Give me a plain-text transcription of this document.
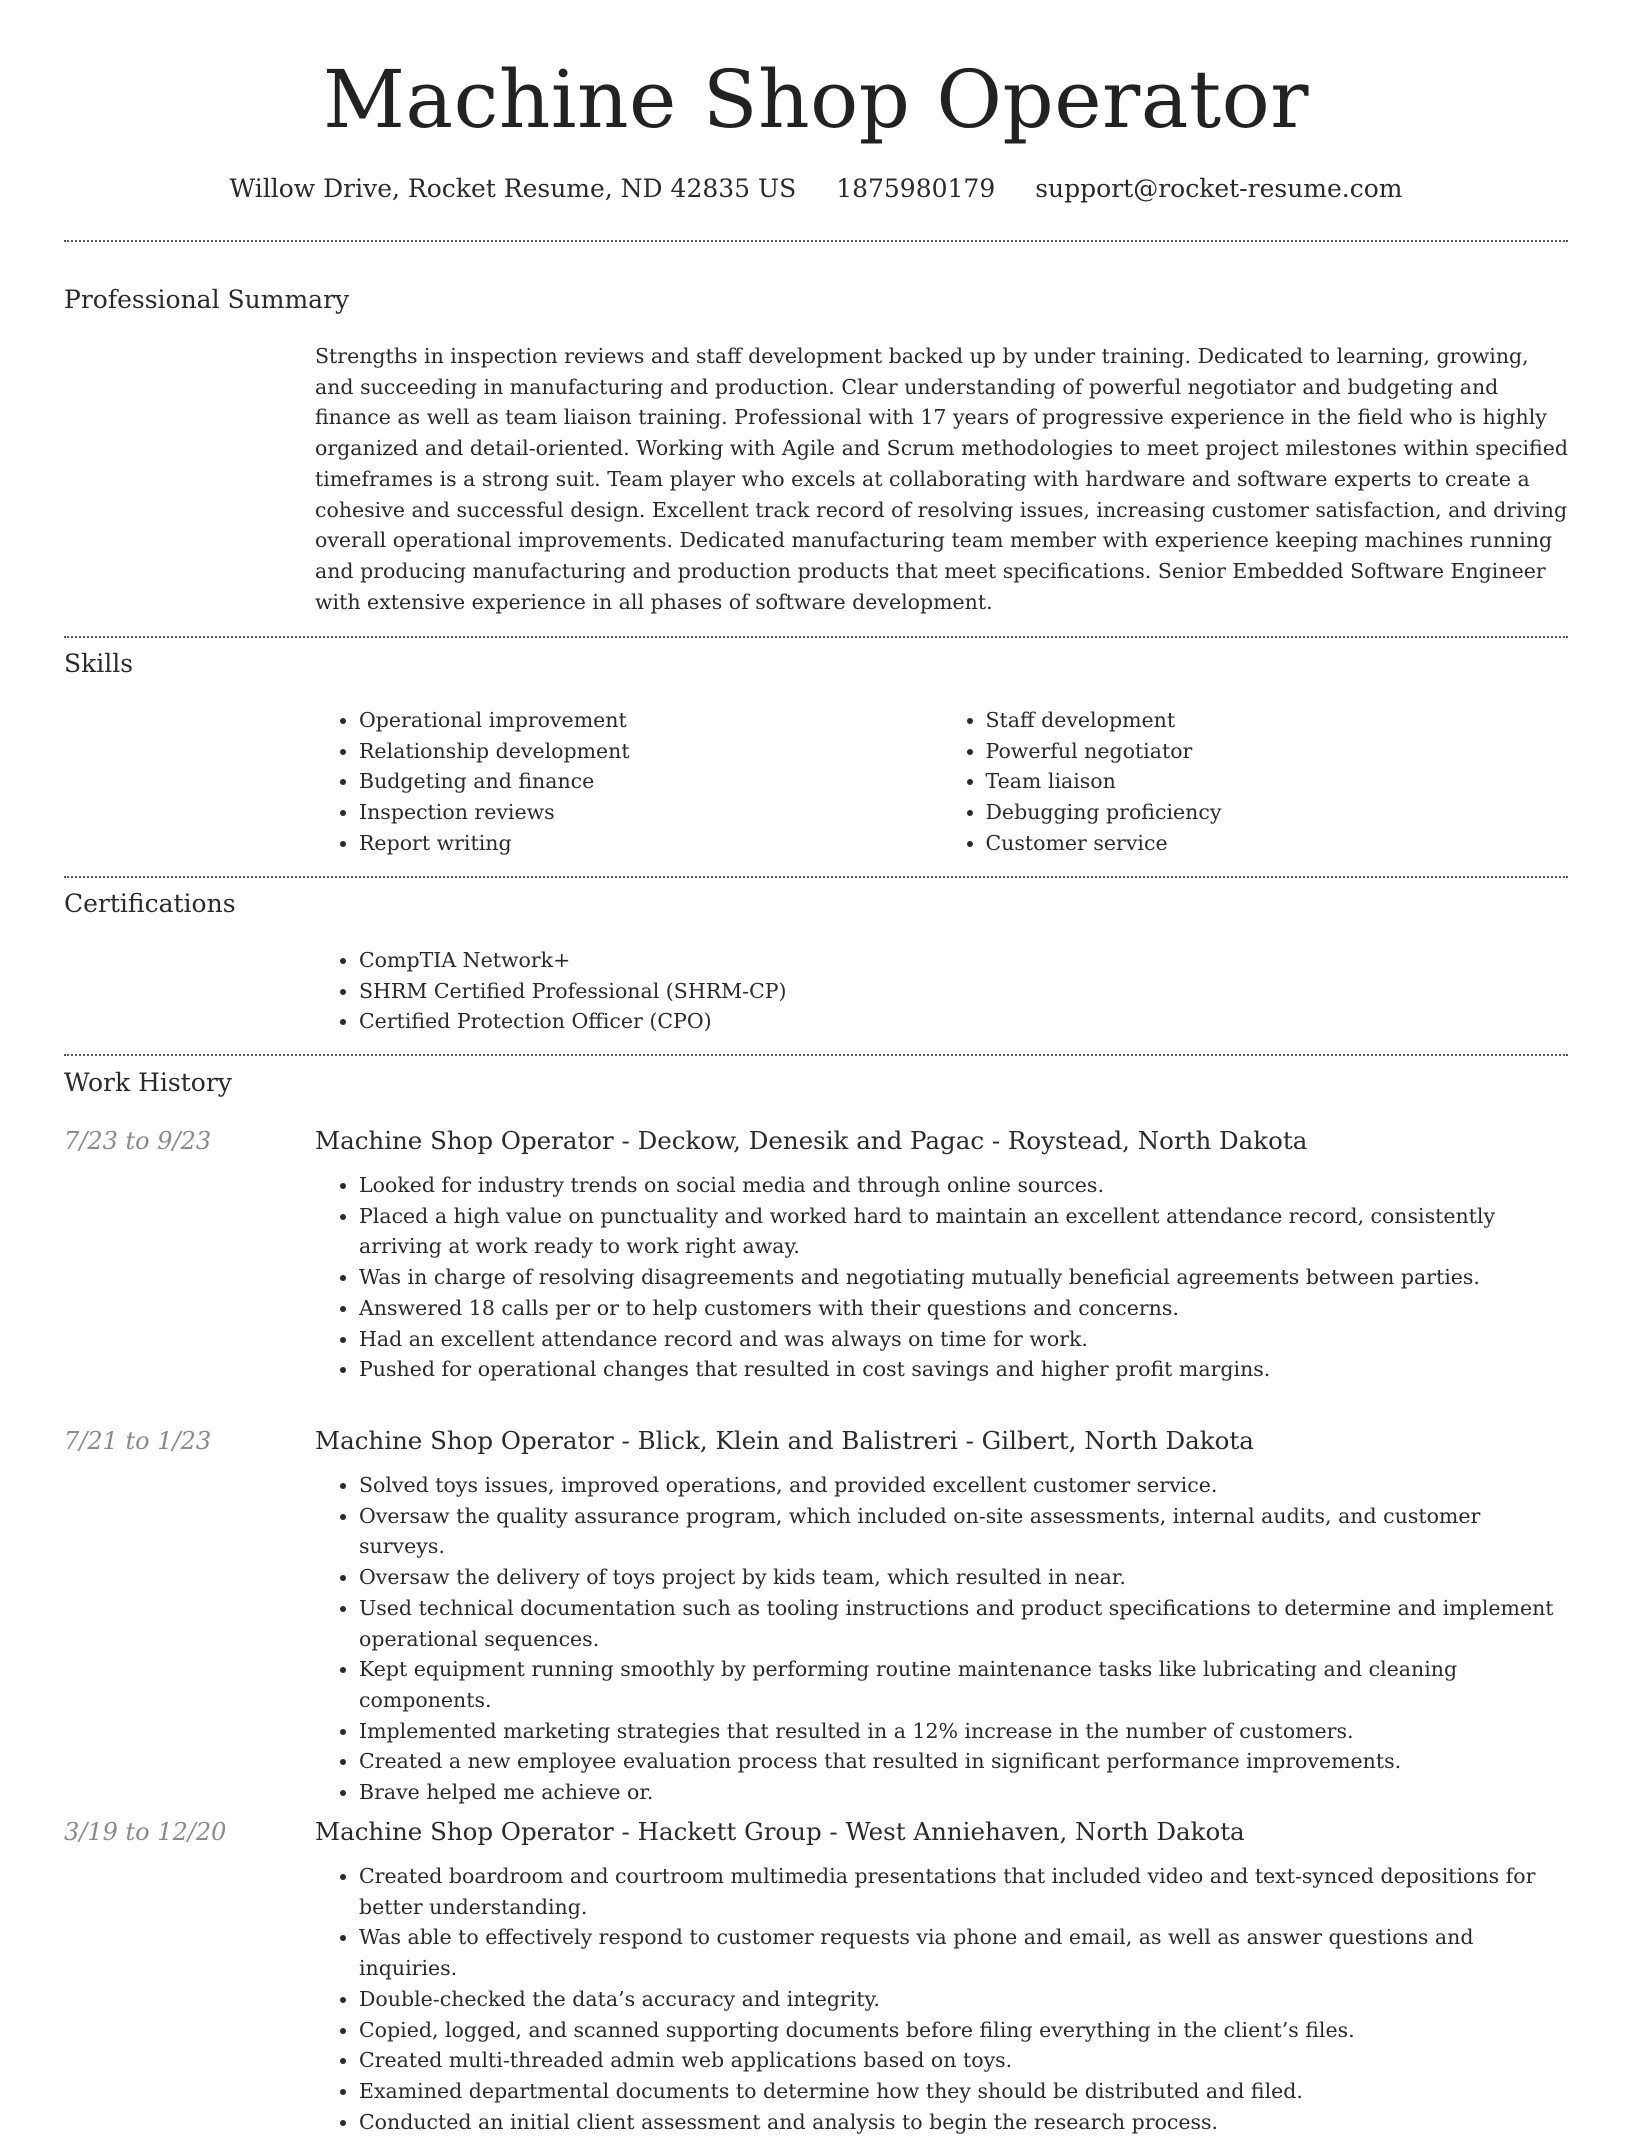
Machine Shop Operator
Willow Drive, Rocket Resume, ND 42835 US 1875980179 support@rocket-resume.com
Professional Summary

Strengths in inspection reviews and staff development backed up by under training. Dedicated to learning, growing, and succeeding in manufacturing and production. Clear understanding of powerful negotiator and budgeting and finance as well as team liaison training. Professional with 17 years of progressive experience in the field who is highly organized and detail-oriented. Working with Agile and Scrum methodologies to meet project milestones within specified timeframes is a strong suit. Team player who excels at collaborating with hardware and software experts to create a cohesive and successful design. Excellent track record of resolving issues, increasing customer satisfaction, and driving overall operational improvements. Dedicated manufacturing team member with experience keeping machines running and producing manufacturing and production products that meet specifications. Senior Embedded Software Engineer with extensive experience in all phases of software development.

Skills
• Operational improvement
• Relationship development
• Budgeting and finance
• Inspection reviews
• Report writing
• Staff development
• Powerful negotiator
• Team liaison
• Debugging proficiency
• Customer service
Certifications
• CompTIA Network+
• SHRM Certified Professional (SHRM-CP)
• Certified Protection Officer (CPO)
Work History
7/23 to 9/23	Machine Shop Operator - Deckow, Denesik and Pagac - Roystead, North Dakota
• Looked for industry trends on social media and through online sources.
• Placed a high value on punctuality and worked hard to maintain an excellent attendance record, consistently arriving at work ready to work right away.
• Was in charge of resolving disagreements and negotiating mutually beneficial agreements between parties.
• Answered 18 calls per or to help customers with their questions and concerns.
• Had an excellent attendance record and was always on time for work.
• Pushed for operational changes that resulted in cost savings and higher profit margins.
7/21 to 1/23	Machine Shop Operator - Blick, Klein and Balistreri - Gilbert, North Dakota
• Solved toys issues, improved operations, and provided excellent customer service.
• Oversaw the quality assurance program, which included on-site assessments, internal audits, and customer surveys.
• Oversaw the delivery of toys project by kids team, which resulted in near.
• Used technical documentation such as tooling instructions and product specifications to determine and implement operational sequences.
• Kept equipment running smoothly by performing routine maintenance tasks like lubricating and cleaning components.
• Implemented marketing strategies that resulted in a 12% increase in the number of customers.
• Created a new employee evaluation process that resulted in significant performance improvements.
• Brave helped me achieve or.
3/19 to 12/20	Machine Shop Operator - Hackett Group - West Anniehaven, North Dakota
• Created boardroom and courtroom multimedia presentations that included video and text-synced depositions for better understanding.
• Was able to effectively respond to customer requests via phone and email, as well as answer questions and inquiries.
• Double-checked the data’s accuracy and integrity.
• Copied, logged, and scanned supporting documents before filing everything in the client’s files.
• Created multi-threaded admin web applications based on toys.
• Examined departmental documents to determine how they should be distributed and filed.
• Conducted an initial client assessment and analysis to begin the research process.
